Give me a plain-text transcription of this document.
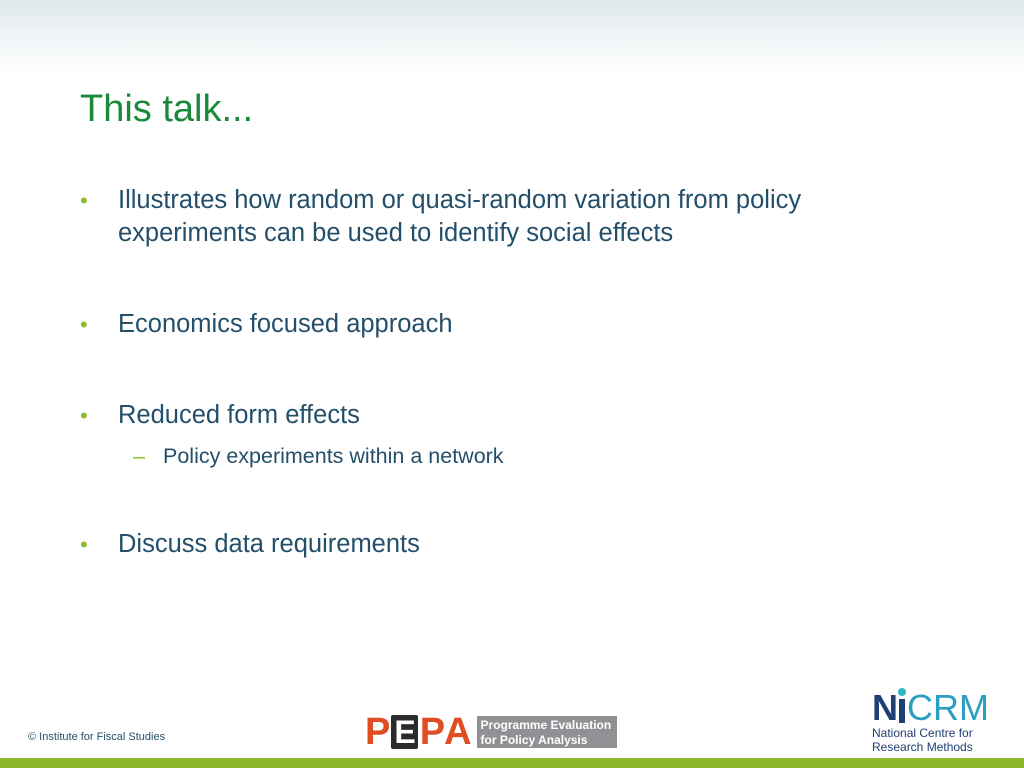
This talk...
• Illustrates how random or quasi-random variation from policy experiments can be used to identify social effects
• Economics focused approach
• Reduced form effects
– Policy experiments within a network
• Discuss data requirements
© Institute for Fiscal Studies	P E P A Programme Evaluation
for Policy Analysis
N CRM
National Centre for
Research Methods
